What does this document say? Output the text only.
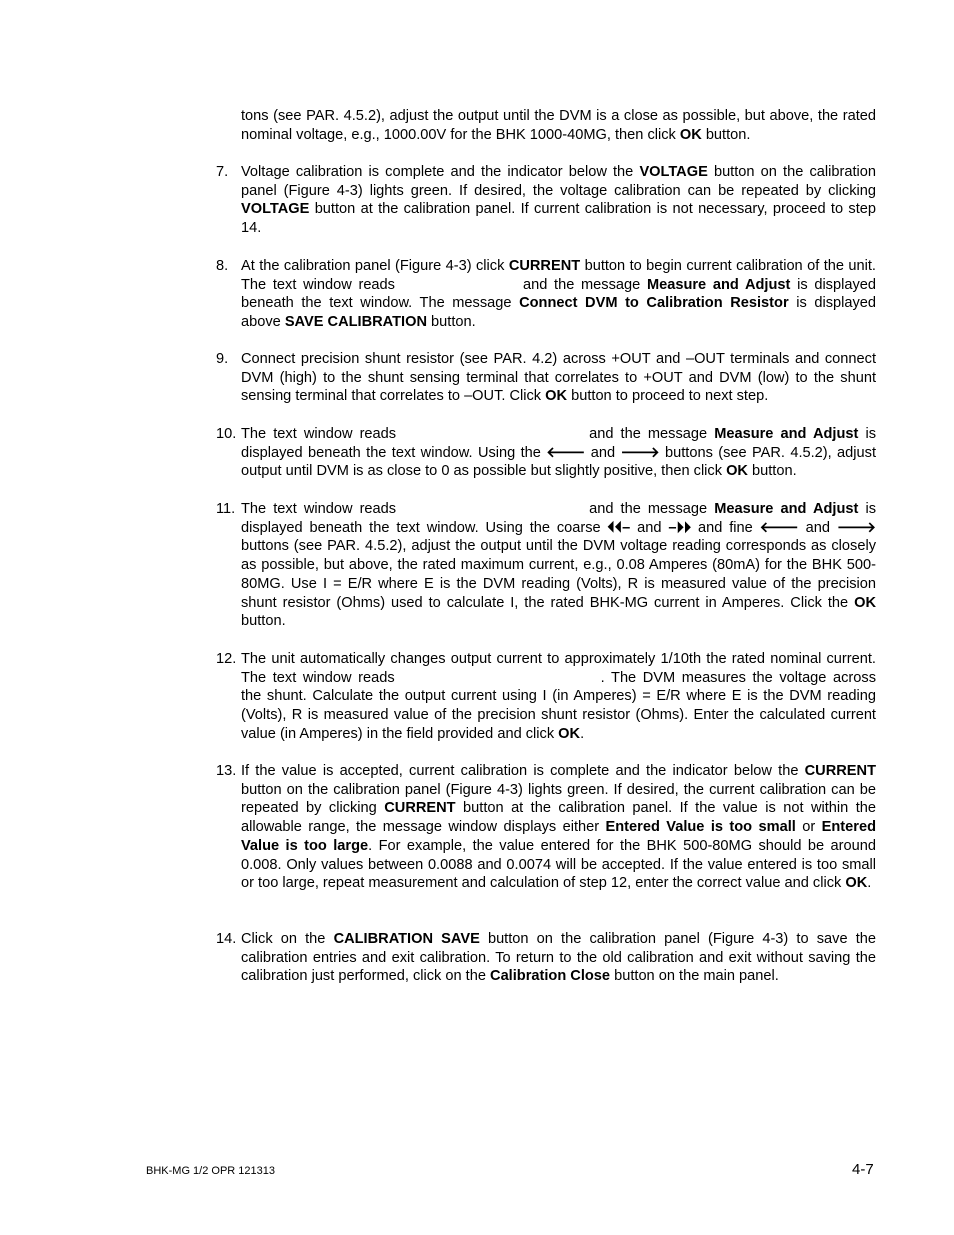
tons (see PAR. 4.5.2), adjust the output until the DVM is a close as possible, but above, the rated nominal voltage, e.g., 1000.00V for the BHK 1000-40MG, then click OK button.
7. Voltage calibration is complete and the indicator below the VOLTAGE button on the calibration panel (Figure 4-3) lights green. If desired, the voltage calibration can be repeated by clicking VOLTAGE button at the calibration panel. If current calibration is not necessary, proceed to step 14.
8. At the calibration panel (Figure 4-3) click CURRENT button to begin current calibration of the unit. The text window reads	and the message Measure and Adjust is displayed beneath the text window. The message Connect DVM to Calibration Resistor is displayed above SAVE CALIBRATION button.
9. Connect precision shunt resistor (see PAR. 4.2) across +OUT and –OUT terminals and connect DVM (high) to the shunt sensing terminal that correlates to +OUT and DVM (low) to the shunt sensing terminal that correlates to –OUT. Click OK button to proceed to next step.
10. The text window reads	and the message Measure and Adjust is displayed beneath the text window. Using the 🡐 and 🡒 buttons (see PAR. 4.5.2), adjust output until DVM is as close to 0 as possible but slightly positive, then click OK button.
11. The text window reads	and the message Measure and Adjust is displayed beneath the text window. Using the coarse ⏴⏴– and –⏵⏵ and fine 🡐 and 🡒 buttons (see PAR. 4.5.2), adjust the output until the DVM voltage reading corresponds as closely as possible, but above, the rated maximum current, e.g., 0.08 Amperes (80mA) for the BHK 500-80MG. Use I = E/R where E is the DVM reading (Volts), R is measured value of the precision shunt resistor (Ohms) used to calculate I, the rated BHK-MG current in Amperes. Click the OK button.
12. The unit automatically changes output current to approximately 1/10th the rated nominal current. The text window reads	. The DVM measures the voltage across the shunt. Calculate the output current using I (in Amperes) = E/R where E is the DVM reading (Volts), R is measured value of the precision shunt resistor (Ohms). Enter the calculated current value (in Amperes) in the field provided and click OK.
13. If the value is accepted, current calibration is complete and the indicator below the CURRENT button on the calibration panel (Figure 4-3) lights green. If desired, the current calibration can be repeated by clicking CURRENT button at the calibration panel. If the value is not within the allowable range, the message window displays either Entered Value is too small or Entered Value is too large. For example, the value entered for the BHK 500-80MG should be around 0.008. Only values between 0.0088 and 0.0074 will be accepted. If the value entered is too small or too large, repeat measurement and calculation of step 12, enter the correct value and click OK.
14. Click on the CALIBRATION SAVE button on the calibration panel (Figure 4-3) to save the calibration entries and exit calibration. To return to the old calibration and exit without saving the calibration just performed, click on the Calibration Close button on the main panel.
BHK-MG 1/2 OPR 121313	4-7
